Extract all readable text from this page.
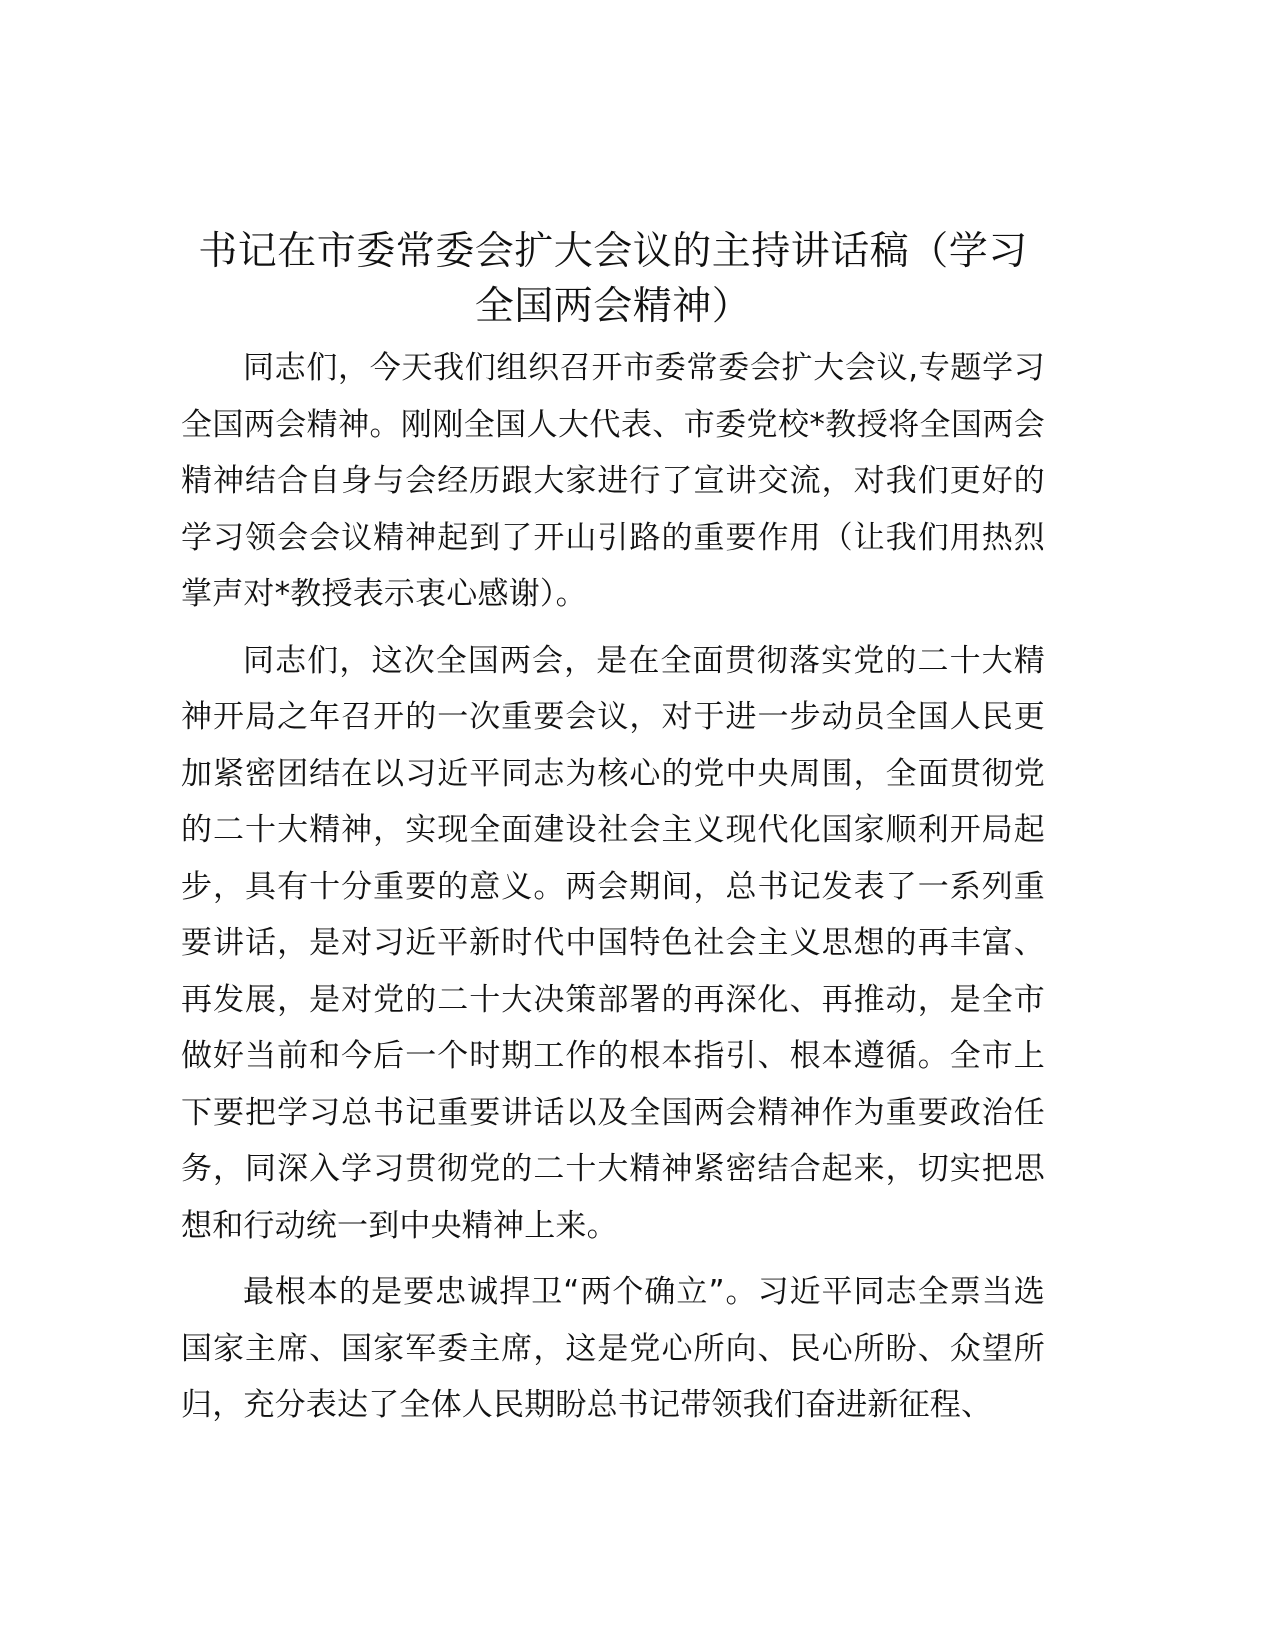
书记在市委常委会扩大会议的主持讲话稿（学习全国两会精神）

同志们，今天我们组织召开市委常委会扩大会议,专题学习全国两会精神。刚刚全国人大代表、市委党校*教授将全国两会精神结合自身与会经历跟大家进行了宣讲交流，对我们更好的学习领会会议精神起到了开山引路的重要作用（让我们用热烈掌声对*教授表示衷心感谢）。

同志们，这次全国两会，是在全面贯彻落实党的二十大精神开局之年召开的一次重要会议，对于进一步动员全国人民更加紧密团结在以习近平同志为核心的党中央周围，全面贯彻党的二十大精神，实现全面建设社会主义现代化国家顺利开局起步，具有十分重要的意义。两会期间，总书记发表了一系列重要讲话，是对习近平新时代中国特色社会主义思想的再丰富、再发展，是对党的二十大决策部署的再深化、再推动，是全市做好当前和今后一个时期工作的根本指引、根本遵循。全市上下要把学习总书记重要讲话以及全国两会精神作为重要政治任务，同深入学习贯彻党的二十大精神紧密结合起来，切实把思想和行动统一到中央精神上来。

最根本的是要忠诚捍卫“两个确立”。习近平同志全票当选国家主席、国家军委主席，这是党心所向、民心所盼、众望所归，充分表达了全体人民期盼总书记带领我们奋进新征程、
